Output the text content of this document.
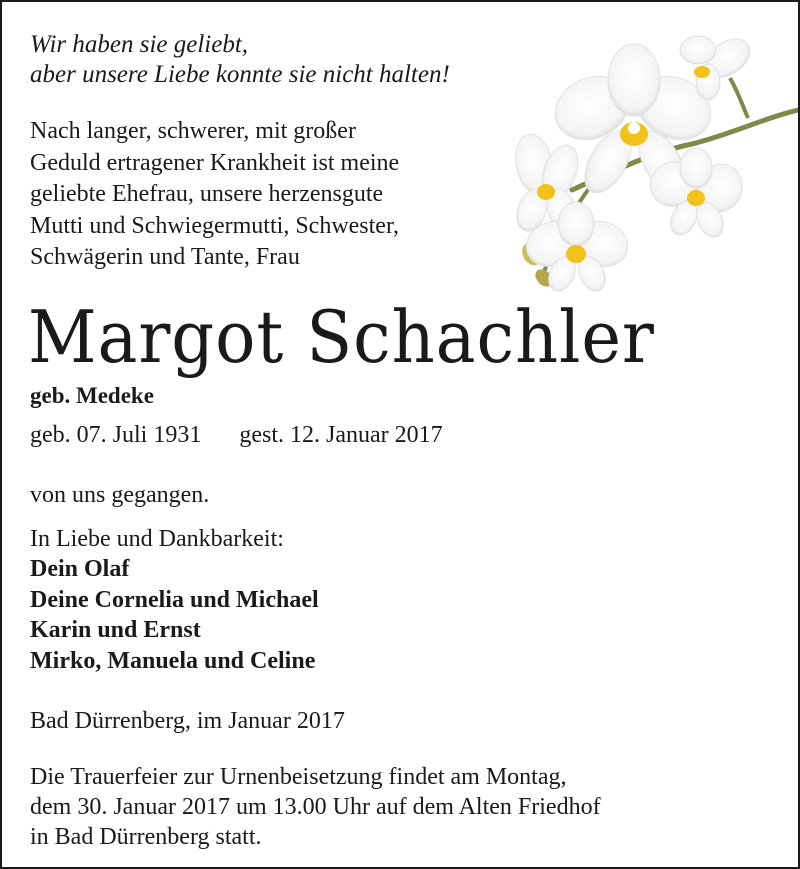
Wir haben sie geliebt,
aber unsere Liebe konnte sie nicht halten!
Nach langer, schwerer, mit großer
Geduld ertragener Krankheit ist meine
geliebte Ehefrau, unsere herzensgute
Mutti und Schwiegermutti, Schwester,
Schwägerin und Tante, Frau
Margot Schachler
geb. Medeke
geb. 07. Juli 1931 gest. 12. Januar 2017
von uns gegangen.
In Liebe und Dankbarkeit:
Dein Olaf
Deine Cornelia und Michael
Karin und Ernst
Mirko, Manuela und Celine
Bad Dürrenberg, im Januar 2017
Die Trauerfeier zur Urnenbeisetzung findet am Montag,
dem 30. Januar 2017 um 13.00 Uhr auf dem Alten Friedhof
in Bad Dürrenberg statt.
